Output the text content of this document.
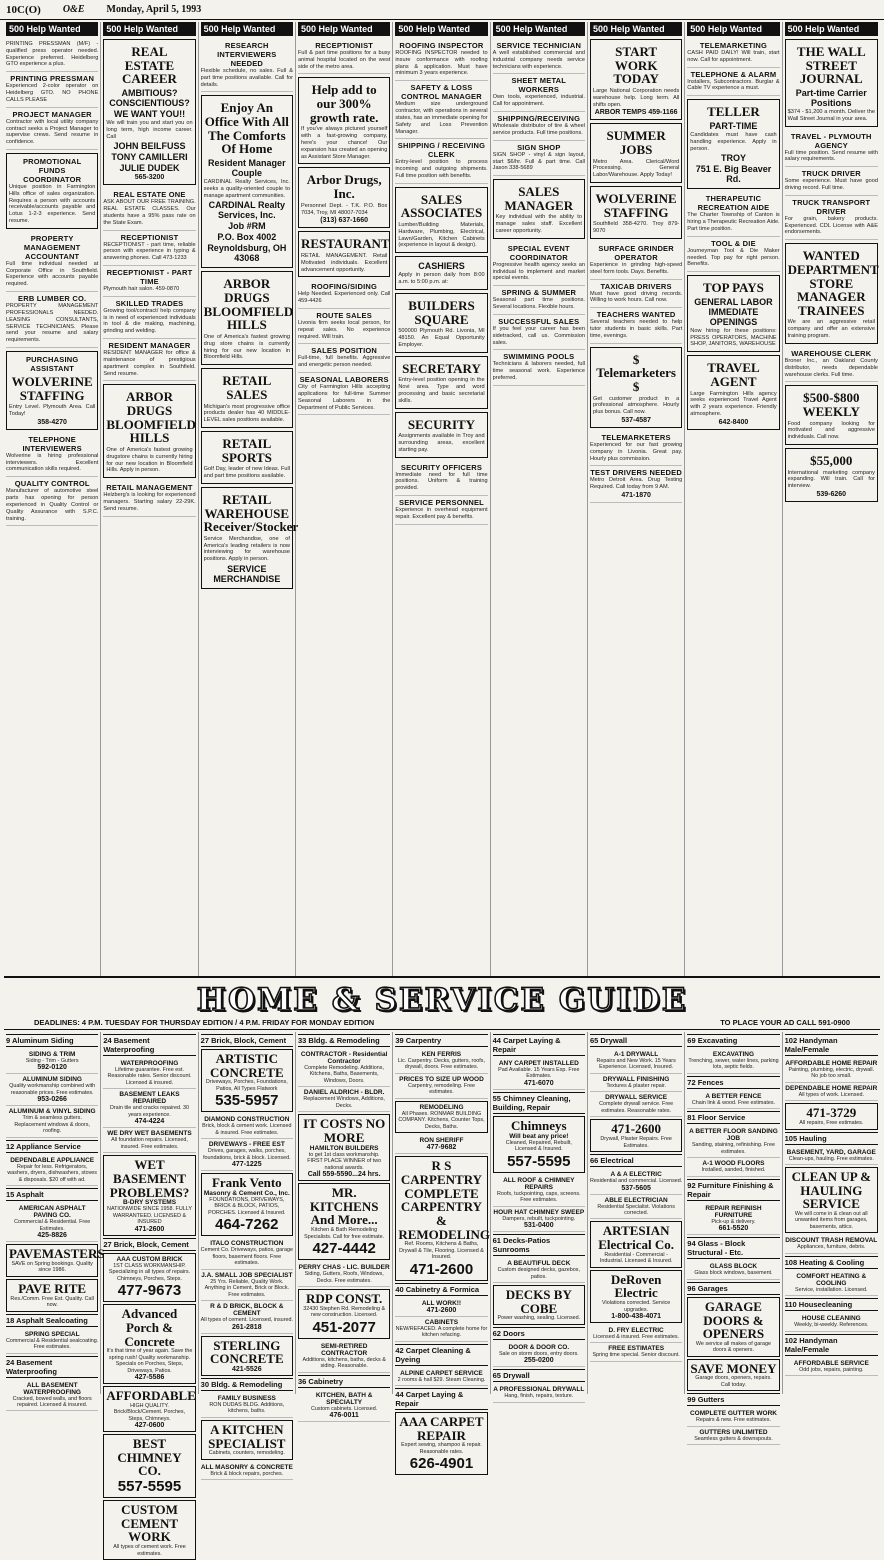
10C(O) O&E Monday, April 5, 1993
500 Help Wanted
PRINTING PRESSMAN (M/F) - qualified press operator needed. Experience preferred. Heidelberg GTO experience a plus.
PRINTING PRESSMAN
Experienced 2-color operator on Heidelberg GTO. NO PHONE CALLS PLEASE
PROJECT MANAGER
Contractor with local utility company contract seeks a Project Manager to supervise crews. Send resume in confidence.
PROMOTIONAL FUNDS COORDINATOR
Unique position in Farmington Hills office of sales organization. Requires a person with accounts receivable/accounts payable and Lotus 1-2-3 experience. Send resume.
PROPERTY MANAGEMENT ACCOUNTANT
Full time individual needed at Corporate Office in Southfield. Experience with accounts payable required.
ERB LUMBER CO.
PROPERTY MANAGEMENT PROFESSIONALS NEEDED. LEASING CONSULTANTS, SERVICE TECHNICIANS. Please send your resume and salary requirements.
PURCHASING ASSISTANT
WOLVERINE STAFFING
Entry Level. Plymouth Area. Call Today!
358-4270
TELEPHONE INTERVIEWERS
Wolverine is hiring professional interviewers. Excellent communication skills required.
QUALITY CONTROL
Manufacturer of automotive steel parts has opening for person experienced in Quality Control or Quality Assurance with S.P.C. training.
500 Help Wanted
REAL ESTATE CAREER
AMBITIOUS? CONSCIENTIOUS?
WE WANT YOU!!
We will train you and start you on long term, high income career. Call
JOHN BEILFUSS
TONY CAMILLERI
JULIE DUDEK
565-3200
REAL ESTATE ONE
ASK ABOUT OUR FREE TRAINING. REAL ESTATE CLASSES. Our students have a 95% pass rate on the State Exam.
RECEPTIONIST
RECEPTIONIST - part time, reliable person with experience in typing & answering phones. Call 473-1233
RECEPTIONIST - PART TIME
Plymouth hair salon. 459-0870
SKILLED TRADES
Growing tool/contract/ help company is in need of experienced individuals in tool & die making, machining, grinding and welding.
RESIDENT MANAGER
RESIDENT MANAGER for office & maintenance of prestigious apartment complex in Southfield. Send resume.
ARBOR DRUGS BLOOMFIELD HILLS
One of America's fastest growing drugstore chains is currently hiring for our new location in Bloomfield Hills. Apply in person.
RETAIL MANAGEMENT
Helzberg's is looking for experienced managers. Starting salary 22-29K. Send resume.
500 Help Wanted
RESEARCH INTERVIEWERS NEEDED
Flexible schedule, no sales. Full & part time positions available. Call for details.
Enjoy An Office With All The Comforts Of Home
Resident Manager Couple
CARDINAL Realty Services, Inc. seeks a quality-oriented couple to manage apartment communities.
CARDINAL Realty Services, Inc.
Job #RM
P.O. Box 4002
Reynoldsburg, OH 43068
ARBOR DRUGS BLOOMFIELD HILLS
One of America's fastest growing drug store chains is currently hiring for our new location in Bloomfield Hills.
RETAIL SALES
Michigan's most progressive office products dealer has 40 MIDDLE-LEVEL sales positions available.
RETAIL SPORTS
Golf Day, leader of new Ideas. Full and part time positions available.
RETAIL WAREHOUSE Receiver/Stocker
Service Merchandise, one of America's leading retailers is now interviewing for warehouse positions. Apply in person.
SERVICE MERCHANDISE
500 Help Wanted
RECEPTIONIST
Full & part time positions for a busy animal hospital located on the west side of the metro area.
Help add to our 300% growth rate.
If you've always pictured yourself with a fast-growing company, here's your chance! Our expansion has created an opening as Assistant Store Manager.
Arbor Drugs, Inc.
Personnel Dept. - T.K. P.O. Box 7034, Troy, MI 48007-7034
(313) 637-1660
RESTAURANT
RETAIL MANAGEMENT. Retail Motivated individuals. Excellent advancement opportunity.
ROOFING/SIDING
Help Needed. Experienced only. Call 459-4426
ROUTE SALES
Livonia firm seeks local person, for repeat sales. No experience required. Will train.
SALES POSITION
Full-time, full benefits. Aggressive and energetic person needed.
SEASONAL LABORERS
City of Farmington Hills accepting applications for full-time Summer Seasonal Laborers in the Department of Public Services.
500 Help Wanted
ROOFING INSPECTOR
ROOFING INSPECTOR needed to insure conformance with roofing plans & application. Must have minimum 3 years experience.
SAFETY & LOSS CONTROL MANAGER
Medium size underground contractor, with operations in several states, has an immediate opening for Safety and Loss Prevention Manager.
SHIPPING / RECEIVING CLERK
Entry-level position to process incoming and outgoing shipments. Full time position with benefits.
SALES ASSOCIATES
Lumber/Building Materials, Hardware, Plumbing, Electrical, Lawn/Garden, Kitchen Cabinets (experience in layout & design).
CASHIERS
Apply in person daily from 8:00 a.m. to 5:00 p.m. at:
BUILDERS SQUARE
500000 Plymouth Rd. Livonia, MI 48150. An Equal Opportunity Employer.
SECRETARY
Entry-level position opening in the Novi area. Type and word processing and basic secretarial skills.
SECURITY
Assignments available in Troy and surrounding areas, excellent starting pay.
SECURITY OFFICERS
Immediate need for full time positions. Uniform & training provided.
SERVICE PERSONNEL
Experience in overhead equipment repair. Excellent pay & benefits.
500 Help Wanted
SERVICE TECHNICIAN
A well established commercial and industrial company needs service technicians with experience.
SHEET METAL WORKERS
Own tools, experienced, industrial. Call for appointment.
SHIPPING/RECEIVING
Wholesale distributor of tire & wheel service products. Full time positions.
SIGN SHOP
SIGN SHOP - vinyl & sign layout, start $6/hr. Full & part time. Call Jason 338-5689
SALES MANAGER
Key individual with the ability to manage sales staff. Excellent career opportunity.
SPECIAL EVENT COORDINATOR
Progressive health agency seeks an individual to implement and market special events.
SPRING & SUMMER
Seasonal part time positions. Several locations. Flexible hours.
SUCCESSFUL SALES
If you feel your career has been sidetracked, call us. Commission sales.
SWIMMING POOLS
Technicians & laborers needed, full time seasonal work. Experience preferred.
500 Help Wanted
START WORK TODAY
Large National Corporation needs warehouse help. Long term. All shifts open.
ARBOR TEMPS 459-1166
SUMMER JOBS
Metro Area. Clerical/Word Processing. General Labor/Warehouse. Apply Today!
WOLVERINE STAFFING
Southfield 358-4270. Troy 879-9070
SURFACE GRINDER OPERATOR
Experience in grinding high-speed steel form tools. Days. Benefits.
TAXICAB DRIVERS
Must have good driving records. Willing to work hours. Call now.
TEACHERS WANTED
Several teachers needed to help tutor students in basic skills. Part time, evenings.
$ Telemarketers $
Get customer product in a professional atmosphere. Hourly plus bonus. Call now.
537-4587
TELEMARKETERS
Experienced for our fast growing company in Livonia. Great pay. Hourly plus commission.
TEST DRIVERS NEEDED
Metro Detroit Area. Drug Testing Required. Call today from 9 AM.
471-1870
500 Help Wanted
TELEMARKETING
CASH PAID DAILY! Will train, start now. Call for appointment.
TELEPHONE & ALARM
Installers, Subcontractors. Burglar & Cable TV experience a must.
TELLER
PART-TIME
Candidates must have cash handling experience. Apply in person.
TROY
751 E. Big Beaver Rd.
THERAPEUTIC RECREATION AIDE
The Charter Township of Canton is hiring a Therapeutic Recreation Aide. Part time position.
TOOL & DIE
Journeyman Tool & Die Maker needed. Top pay for right person. Benefits.
TOP PAYS
GENERAL LABOR IMMEDIATE OPENINGS
Now hiring for these positions: PRESS OPERATORS, MACHINE SHOP, JANITORS, WAREHOUSE
TRAVEL AGENT
Large Farmington Hills agency seeks experienced Travel Agent with 2 years experience. Friendly atmosphere.
642-8400
500 Help Wanted
THE WALL STREET JOURNAL
Part-time Carrier Positions
$374 - $1,200 a month. Deliver the Wall Street Journal in your area.
TRAVEL - PLYMOUTH AGENCY
Full time position. Send resume with salary requirements.
TRUCK DRIVER
Some experience. Must have good driving record. Full time.
TRUCK TRANSPORT DRIVER
For grain, bakery products. Experienced. CDL License with A&E endorsements.
WANTED DEPARTMENT STORE MANAGER TRAINEES
We are an aggressive retail company and offer an extensive training program.
WAREHOUSE CLERK
Broner Inc., an Oakland County distributor, needs dependable warehouse clerks. Full time.
$500-$800 WEEKLY
Food company looking for motivated and aggressive individuals. Call now.
$55,000
International marketing company expanding. Will train. Call for interview.
539-6260
HOME & SERVICE GUIDE
DEADLINES: 4 P.M. TUESDAY FOR THURSDAY EDITION / 4 P.M. FRIDAY FOR MONDAY EDITION	TO PLACE YOUR AD CALL 591-0900
9 Aluminum Siding
SIDING & TRIM
Siding - Trim - Gutters
592-0120
ALUMINUM SIDING
Quality workmanship combined with reasonable prices. Free estimates.
953-0266
ALUMINUM & VINYL SIDING
Trim & seamless gutters. Replacement windows & doors, roofing.
12 Appliance Service
DEPENDABLE APPLIANCE
Repair for less. Refrigerators, washers, dryers, dishwashers, stoves & disposals. $20 off with ad.
15 Asphalt
AMERICAN ASPHALT PAVING CO.
Commercial & Residential. Free Estimates.
425-8826
PAVEMASTERS
SAVE on Spring bookings. Quality since 1986.
PAVE RITE
Res./Comm. Free Est. Quality. Call now.
18 Asphalt Sealcoating
SPRING SPECIAL
Commercial & Residential sealcoating. Free estimates.
24 Basement Waterproofing
ALL BASEMENT WATERPROOFING
Cracked, bowed walls, and floors repaired. Licensed & insured.
24 Basement Waterproofing
WATERPROOFING
Lifetime guarantee. Free est. Reasonable rates. Senior discount. Licensed & insured.
BASEMENT LEAKS REPAIRED
Drain tile and cracks repaired. 30 years experience.
474-4224
WE DRY WET BASEMENTS
All foundation repairs. Licensed, insured. Free estimates.
WET BASEMENT PROBLEMS?
B-DRY SYSTEMS
NATIONWIDE SINCE 1958. FULLY WARRANTEED. LICENSED & INSURED
471-2600
27 Brick, Block, Cement
AAA CUSTOM BRICK
1ST CLASS WORKMANSHIP. Specializing in all types of repairs. Chimneys, Porches, Steps.
477-9673
Advanced Porch & Concrete
It's that time of year again. Save the spring rush! Quality workmanship. Specials on Porches, Steps, Driveways, Patios.
427-5586
AFFORDABLE
HIGH QUALITY. Brick/Block/Cement. Porches, Steps, Chimneys.
427-0600
BEST CHIMNEY CO.
557-5595
CUSTOM CEMENT WORK
All types of cement work. Free estimates.
27 Brick, Block, Cement
ARTISTIC CONCRETE
Driveways, Porches, Foundations, Patios, All Types Flatwork
535-5957
DIAMOND CONSTRUCTION
Brick, block & cement work. Licensed & insured. Free estimates.
DRIVEWAYS - FREE EST
Drives, garages, walks, porches, foundations, brick & block. Licensed.
477-1225
Frank Vento
Masonry & Cement Co., Inc.
FOUNDATIONS, DRIVEWAYS, BRICK & BLOCK, PATIOS, PORCHES. Licensed & Insured.
464-7262
ITALO CONSTRUCTION
Cement Co. Driveways, patios, garage floors, basement floors. Free estimates.
J.A. SMALL JOB SPECIALIST
25 Yrs. Reliable, Quality Work. Anything in Cement, Brick or Block. Free estimates.
R & D BRICK, BLOCK & CEMENT
All types of cement. Licensed, insured.
261-2818
STERLING CONCRETE
421-5526
30 Bldg. & Remodeling
FAMILY BUSINESS
RON DUDAS BLDG. Additions, kitchens, baths.
A KITCHEN SPECIALIST
Cabinets, counters, remodeling.
ALL MASONRY & CONCRETE
Brick & block repairs, porches.
33 Bldg. & Remodeling
CONTRACTOR - Residential Contractor
Complete Remodeling. Additions, Kitchens, Baths, Basements, Windows, Doors.
DANIEL ALDRICH - BLDR.
Replacement Windows, Additions, Decks.
IT COSTS NO MORE
HAMILTON BUILDERS
to get 1st class workmanship. FIRST PLACE WINNER of two national awards.
Call 559-5590...24 hrs.
MR. KITCHENS And More...
Kitchen & Bath Remodeling Specialists. Call for free estimate.
427-4442
PERRY CHAS - LIC. BUILDER
Siding, Gutters, Roofs, Windows, Decks. Free estimates.
RDP CONST.
32430 Stephen Rd. Remodeling & new construction. Licensed.
451-2077
SEMI-RETIRED CONTRACTOR
Additions, kitchens, baths, decks & siding. Reasonable.
36 Cabinetry
KITCHEN, BATH & SPECIALTY
Custom cabinets. Licensed.
476-0011
39 Carpentry
KEN FERRIS
Lic. Carpentry. Decks, gutters, roofs, drywall, doors. Free estimates.
PRICES TO SIZE UP WOOD
Carpentry, remodeling. Free estimates.
REMODELING
All Phases. RONMAR BUILDING COMPANY. Kitchens, Counter Tops, Decks, Baths.
RON SHERIFF
477-9682
R S CARPENTRY COMPLETE CARPENTRY & REMODELING
Ref. Rooms, Kitchens & Baths, Drywall & Tile, Flooring. Licensed & Insured.
471-2600
40 Cabinetry & Formica
ALL WORK!!
471-2600
CABINETS
NEW/REFACED. A complete home for kitchen refacing.
42 Carpet Cleaning & Dyeing
ALPINE CARPET SERVICE
2 rooms & hall $29. Steam Cleaning.
44 Carpet Laying & Repair
AAA CARPET REPAIR
Expert sewing, shampoo & repair. Reasonable rates.
626-4901
44 Carpet Laying & Repair
ANY CARPET INSTALLED
Pad Available. 15 Years Exp. Free Estimates.
471-6070
55 Chimney Cleaning, Building, Repair
Chimneys
Will beat any price!
Cleaned, Repaired, Rebuilt, Licensed & Insured.
557-5595
ALL ROOF & CHIMNEY REPAIRS
Roofs, tuckpointing, caps, screens. Free estimates.
HOUR HAT CHIMNEY SWEEP
Dampers, rebuilt, tuckpointing.
531-0400
61 Decks-Patios Sunrooms
A BEAUTIFUL DECK
Custom designed decks, gazebos, patios.
DECKS BY COBE
Power washing, sealing. Licensed.
62 Doors
DOOR & DOOR CO.
Sale on storm doors, entry doors.
255-0200
65 Drywall
A PROFESSIONAL DRYWALL
Hang, finish, repairs, texture.
65 Drywall
A-1 DRYWALL
Repairs and New Work. 15 Years Experience. Licensed, Insured.
DRYWALL FINISHING
Textures & plaster repair.
DRYWALL SERVICE
Complete drywall service. Free estimates. Reasonable rates.
471-2600
Drywall, Plaster Repairs. Free Estimates.
66 Electrical
A & A ELECTRIC
Residential and commercial. Licensed.
537-5605
ABLE ELECTRICIAN
Residential Specialist. Violations corrected.
ARTESIAN Electrical Co.
Residential - Commercial - Industrial. Licensed & Insured.
DeRoven Electric
Violations corrected. Service upgrades.
1-800-438-4071
D. FRY ELECTRIC
Licensed & insured. Free estimates.
FREE ESTIMATES
Spring time special. Senior discount.
69 Excavating
EXCAVATING
Trenching, sewer, water lines, parking lots, septic fields.
72 Fences
A BETTER FENCE
Chain link & wood. Free estimates.
81 Floor Service
A BETTER FLOOR SANDING JOB
Sanding, staining, refinishing. Free estimates.
A-1 WOOD FLOORS
Installed, sanded, finished.
92 Furniture Finishing & Repair
REPAIR REFINISH FURNITURE
Pick-up & delivery.
661-5520
94 Glass - Block Structural - Etc.
GLASS BLOCK
Glass block windows, basement.
96 Garages
GARAGE DOORS & OPENERS
We service all makes of garage doors & openers.
SAVE MONEY
Garage doors, openers, repairs. Call today.
99 Gutters
COMPLETE GUTTER WORK
Repairs & new. Free estimates.
GUTTERS UNLIMITED
Seamless gutters & downspouts.
102 Handyman Male/Female
AFFORDABLE HOME REPAIR
Painting, plumbing, electric, drywall. No job too small.
DEPENDABLE HOME REPAIR
All types of work. Licensed.
471-3729
All repairs, Free estimates.
105 Hauling
BASEMENT, YARD, GARAGE
Clean-ups, hauling. Free estimates.
CLEAN UP & HAULING SERVICE
We will come in & clean out all unwanted items from garages, basements, attics.
DISCOUNT TRASH REMOVAL
Appliances, furniture, debris.
108 Heating & Cooling
COMFORT HEATING & COOLING
Service, installation. Licensed.
110 Housecleaning
HOUSE CLEANING
Weekly, bi-weekly. References.
102 Handyman Male/Female
AFFORDABLE SERVICE
Odd jobs, repairs, painting.
